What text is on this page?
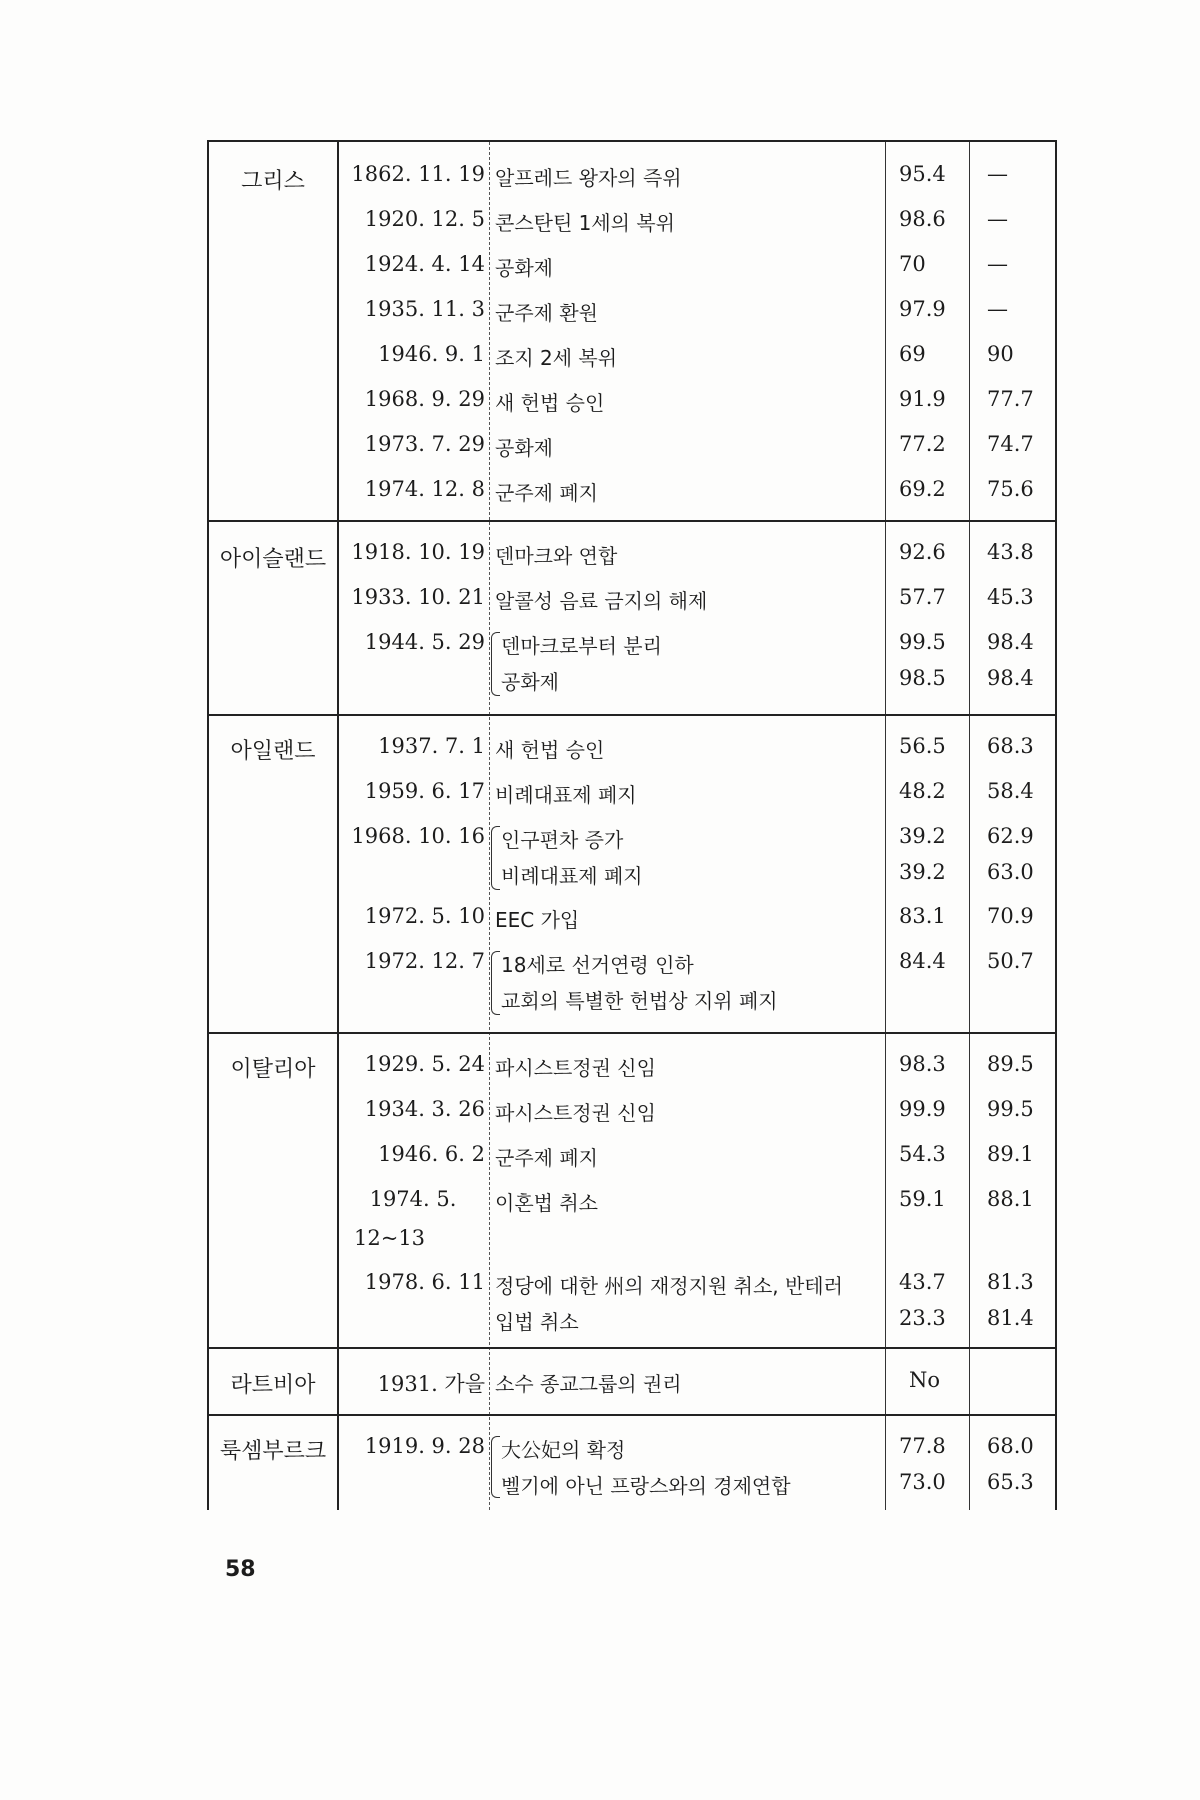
그리스	1862. 11. 19 알프레드 왕자의 즉위	95.4	—
1920. 12. 5 콘스탄틴 1세의 복위	98.6	—
1924. 4. 14 공화제	70	—
1935. 11. 3 군주제 환원	97.9	—
1946. 9. 1 조지 2세 복위	69	90
1968. 9. 29 새 헌법 승인	91.9	77.7
1973. 7. 29 공화제	77.2	74.7
1974. 12. 8 군주제 폐지	69.2	75.6
아이슬랜드	1918. 10. 19 덴마크와 연합	92.6	43.8
1933. 10. 21 알콜성 음료 금지의 해제	57.7	45.3
1944. 5. 29 덴마크로부터 분리	99.5	98.4
공화제	98.5	98.4
아일랜드	1937. 7. 1 새 헌법 승인	56.5	68.3
1959. 6. 17 비례대표제 폐지	48.2	58.4
1968. 10. 16 인구편차 증가	39.2	62.9
비례대표제 폐지	39.2	63.0
1972. 5. 10 EEC 가입	83.1	70.9
1972. 12. 7 18세로 선거연령 인하	84.4	50.7
교회의 특별한 헌법상 지위 폐지
이탈리아	1929. 5. 24 파시스트정권 신임	98.3	89.5
1934. 3. 26 파시스트정권 신임	99.9	99.5
1946. 6. 2 군주제 폐지	54.3	89.1
1974. 5.	이혼법 취소	59.1	88.1
12~13
1978. 6. 11 정당에 대한 州의 재정지원 취소, 반테러	43.7	81.3
입법 취소	23.3	81.4
라트비아	1931. 가을 소수 종교그룹의 권리	No
룩셈부르크	1919. 9. 28 大公妃의 확정	77.8	68.0
벨기에 아닌 프랑스와의 경제연합	73.0	65.3
58
